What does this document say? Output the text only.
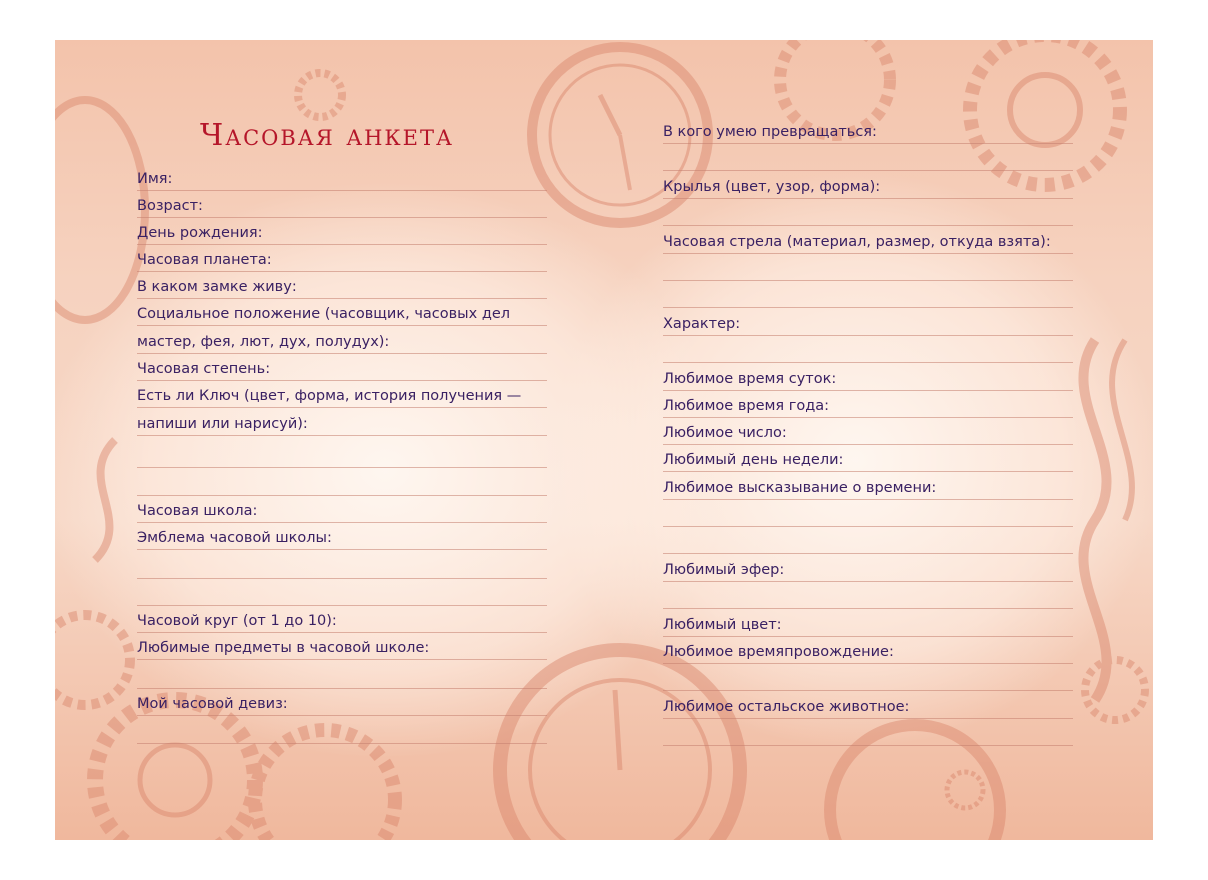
Часовая анкета
Имя:
Возраст:
День рождения:
Часовая планета:
В каком замке живу:
Социальное положение (часовщик, часовых дел
мастер, фея, лют, дух, полудух):
Часовая степень:
Есть ли Ключ (цвет, форма, история получения —
напиши или нарисуй):
Часовая школа:
Эмблема часовой школы:
Часовой круг (от 1 до 10):
Любимые предметы в часовой школе:
Мой часовой девиз:
В кого умею превращаться:
Крылья (цвет, узор, форма):
Часовая стрела (материал, размер, откуда взята):
Характер:
Любимое время суток:
Любимое время года:
Любимое число:
Любимый день недели:
Любимое высказывание о времени:
Любимый эфер:
Любимый цвет:
Любимое времяпровождение:
Любимое остальское животное:
